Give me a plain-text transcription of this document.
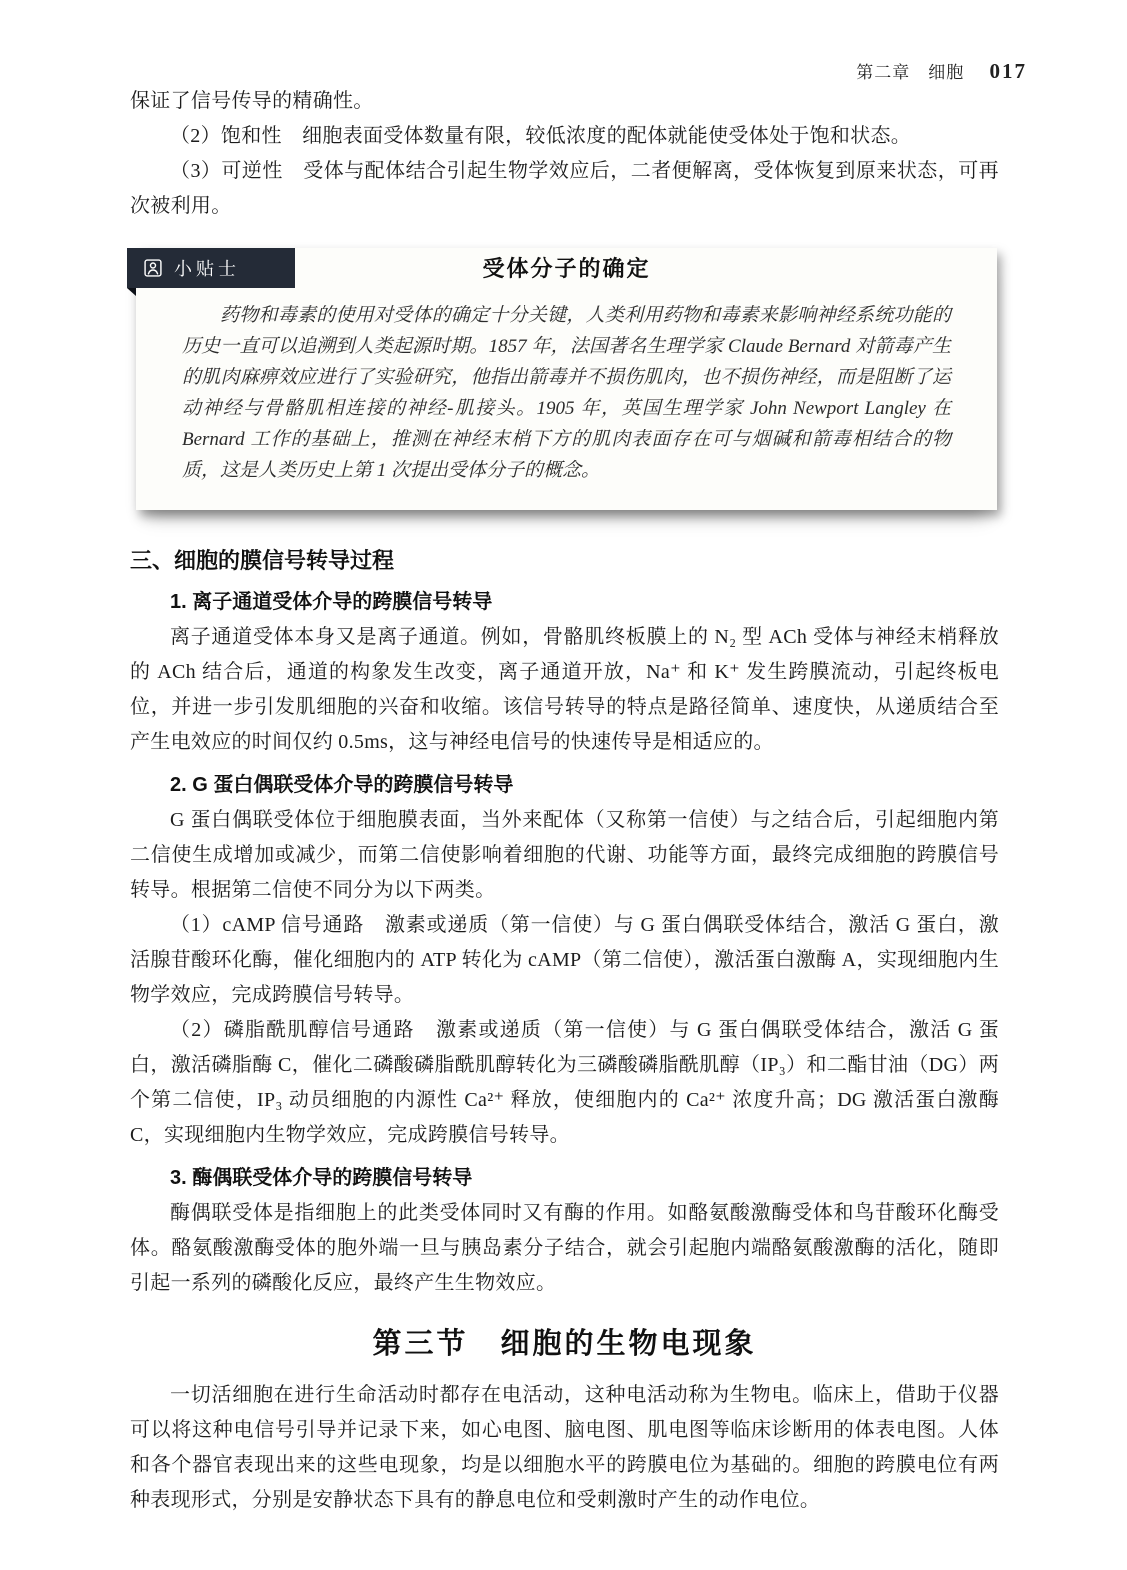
第二章　细胞 017

保证了信号传导的精确性。

（2）饱和性　细胞表面受体数量有限，较低浓度的配体就能使受体处于饱和状态。

（3）可逆性　受体与配体结合引起生物学效应后，二者便解离，受体恢复到原来状态，可再次被利用。

小贴士	受体分子的确定
药物和毒素的使用对受体的确定十分关键，人类利用药物和毒素来影响神经系统功能的历史一直可以追溯到人类起源时期。1857 年，法国著名生理学家 Claude Bernard 对箭毒产生的肌肉麻痹效应进行了实验研究，他指出箭毒并不损伤肌肉，也不损伤神经，而是阻断了运动神经与骨骼肌相连接的神经-肌接头。1905 年，英国生理学家 John Newport Langley 在 Bernard 工作的基础上，推测在神经末梢下方的肌肉表面存在可与烟碱和箭毒相结合的物质，这是人类历史上第 1 次提出受体分子的概念。
三、细胞的膜信号转导过程
1. 离子通道受体介导的跨膜信号转导

离子通道受体本身又是离子通道。例如，骨骼肌终板膜上的 N₂ 型 ACh 受体与神经末梢释放的 ACh 结合后，通道的构象发生改变，离子通道开放，Na⁺ 和 K⁺ 发生跨膜流动，引起终板电位，并进一步引发肌细胞的兴奋和收缩。该信号转导的特点是路径简单、速度快，从递质结合至产生电效应的时间仅约 0.5ms，这与神经电信号的快速传导是相适应的。

2. G 蛋白偶联受体介导的跨膜信号转导

G 蛋白偶联受体位于细胞膜表面，当外来配体（又称第一信使）与之结合后，引起细胞内第二信使生成增加或减少，而第二信使影响着细胞的代谢、功能等方面，最终完成细胞的跨膜信号转导。根据第二信使不同分为以下两类。

（1）cAMP 信号通路　激素或递质（第一信使）与 G 蛋白偶联受体结合，激活 G 蛋白，激活腺苷酸环化酶，催化细胞内的 ATP 转化为 cAMP（第二信使），激活蛋白激酶 A，实现细胞内生物学效应，完成跨膜信号转导。

（2）磷脂酰肌醇信号通路　激素或递质（第一信使）与 G 蛋白偶联受体结合，激活 G 蛋白，激活磷脂酶 C，催化二磷酸磷脂酰肌醇转化为三磷酸磷脂酰肌醇（IP₃）和二酯甘油（DG）两个第二信使，IP₃ 动员细胞的内源性 Ca²⁺ 释放，使细胞内的 Ca²⁺ 浓度升高；DG 激活蛋白激酶 C，实现细胞内生物学效应，完成跨膜信号转导。

3. 酶偶联受体介导的跨膜信号转导

酶偶联受体是指细胞上的此类受体同时又有酶的作用。如酪氨酸激酶受体和鸟苷酸环化酶受体。酪氨酸激酶受体的胞外端一旦与胰岛素分子结合，就会引起胞内端酪氨酸激酶的活化，随即引起一系列的磷酸化反应，最终产生生物效应。

第三节　细胞的生物电现象

一切活细胞在进行生命活动时都存在电活动，这种电活动称为生物电。临床上，借助于仪器可以将这种电信号引导并记录下来，如心电图、脑电图、肌电图等临床诊断用的体表电图。人体和各个器官表现出来的这些电现象，均是以细胞水平的跨膜电位为基础的。细胞的跨膜电位有两种表现形式，分别是安静状态下具有的静息电位和受刺激时产生的动作电位。
